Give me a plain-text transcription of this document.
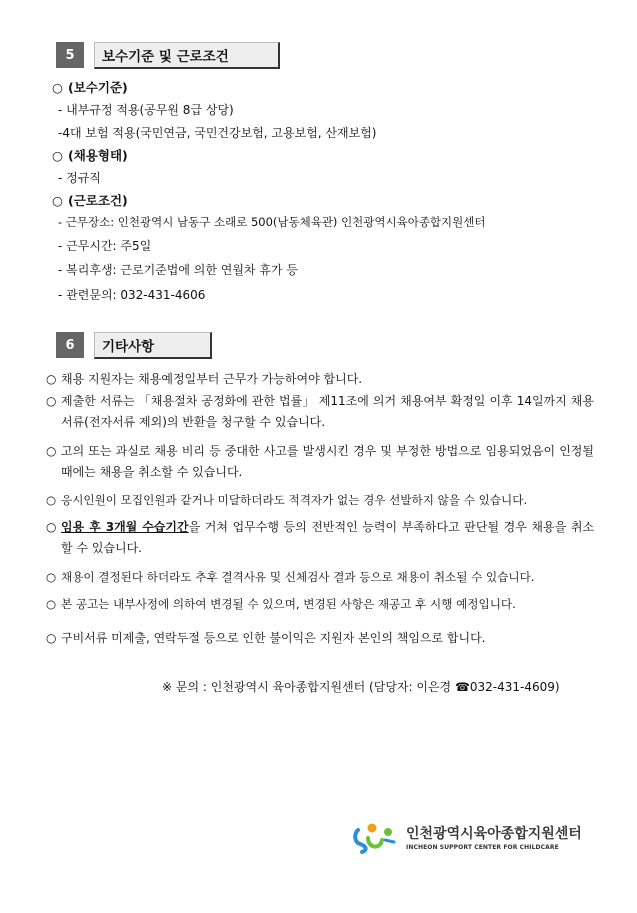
5	보수기준 및 근로조건
○ (보수기준)
- 내부규정 적용(공무원 8급 상당)
-4대 보험 적용(국민연금, 국민건강보험, 고용보험, 산재보험)
○ (채용형태)
- 정규직
○ (근로조건)
- 근무장소: 인천광역시 남동구 소래로 500(남동체육관) 인천광역시육아종합지원센터
- 근무시간: 주5일
- 복리후생: 근로기준법에 의한 연월차 휴가 등
- 관련문의: 032-431-4606
6	기타사항
○ 채용 지원자는 채용예정일부터 근무가 가능하여야 합니다.
○ 제출한 서류는 「채용절차 공정화에 관한 법률」 제11조에 의거 채용여부 확정일 이후 14일까지 채용서류(전자서류 제외)의 반환을 청구할 수 있습니다.
○ 고의 또는 과실로 채용 비리 등 중대한 사고를 발생시킨 경우 및 부정한 방법으로 임용되었음이 인정될 때에는 채용을 취소할 수 있습니다.
○ 응시인원이 모집인원과 같거나 미달하더라도 적격자가 없는 경우 선발하지 않을 수 있습니다.
○ 임용 후 3개월 수습기간을 거쳐 업무수행 등의 전반적인 능력이 부족하다고 판단될 경우 채용을 취소할 수 있습니다.
○ 채용이 결정된다 하더라도 추후 결격사유 및 신체검사 결과 등으로 채용이 취소될 수 있습니다.
○ 본 공고는 내부사정에 의하여 변경될 수 있으며, 변경된 사항은 재공고 후 시행 예정입니다.
○ 구비서류 미제출, 연락두절 등으로 인한 불이익은 지원자 본인의 책임으로 합니다.
※ 문의 : 인천광역시 육아종합지원센터 (담당자: 이은경 ☎032-431-4609)
인천광역시육아종합지원센터
INCHEON SUPPORT CENTER FOR CHILDCARE
